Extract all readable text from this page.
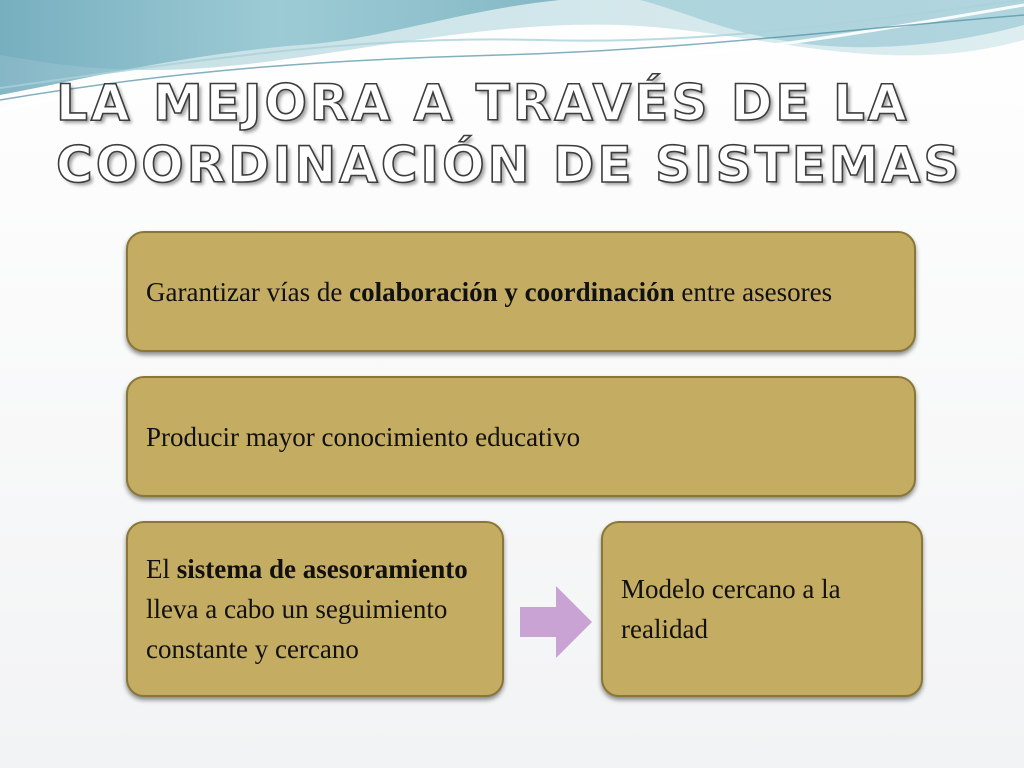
LA MEJORA A TRAVÉS DE LA
COORDINACIÓN DE SISTEMAS
Garantizar vías de colaboración y coordinación entre asesores
Producir mayor conocimiento educativo
El sistema de asesoramiento lleva a cabo un seguimiento constante y cercano
Modelo cercano a la realidad
